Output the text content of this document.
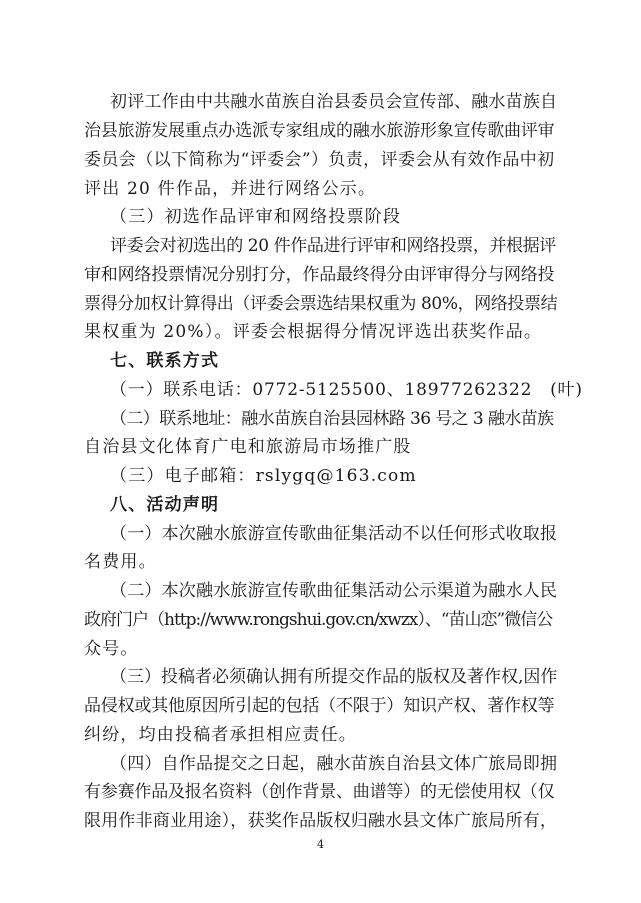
初评工作由中共融水苗族自治县委员会宣传部、融水苗族自
治县旅游发展重点办选派专家组成的融水旅游形象宣传歌曲评审
委员会（以下简称为“评委会”）负责，评委会从有效作品中初
评出 20 件作品，并进行网络公示。
（三）初选作品评审和网络投票阶段
评委会对初选出的 20 件作品进行评审和网络投票，并根据评
审和网络投票情况分别打分，作品最终得分由评审得分与网络投
票得分加权计算得出（评委会票选结果权重为 80%，网络投票结
果权重为 20%）。评委会根据得分情况评选出获奖作品。
七、联系方式
（一）联系电话：0772-5125500、18977262322　(叶)
（二）联系地址：融水苗族自治县园林路 36 号之 3 融水苗族
自治县文化体育广电和旅游局市场推广股
（三）电子邮箱：rslygq@163.com
八、活动声明
（一）本次融水旅游宣传歌曲征集活动不以任何形式收取报
名费用。
（二）本次融水旅游宣传歌曲征集活动公示渠道为融水人民
政府门户（http://www.rongshui.gov.cn/xwzx）、“苗山恋”微信公
众号。
（三）投稿者必须确认拥有所提交作品的版权及著作权,因作
品侵权或其他原因所引起的包括（不限于）知识产权、著作权等
纠纷，均由投稿者承担相应责任。
（四）自作品提交之日起，融水苗族自治县文体广旅局即拥
有参赛作品及报名资料（创作背景、曲谱等）的无偿使用权（仅
限用作非商业用途），获奖作品版权归融水县文体广旅局所有，
4
